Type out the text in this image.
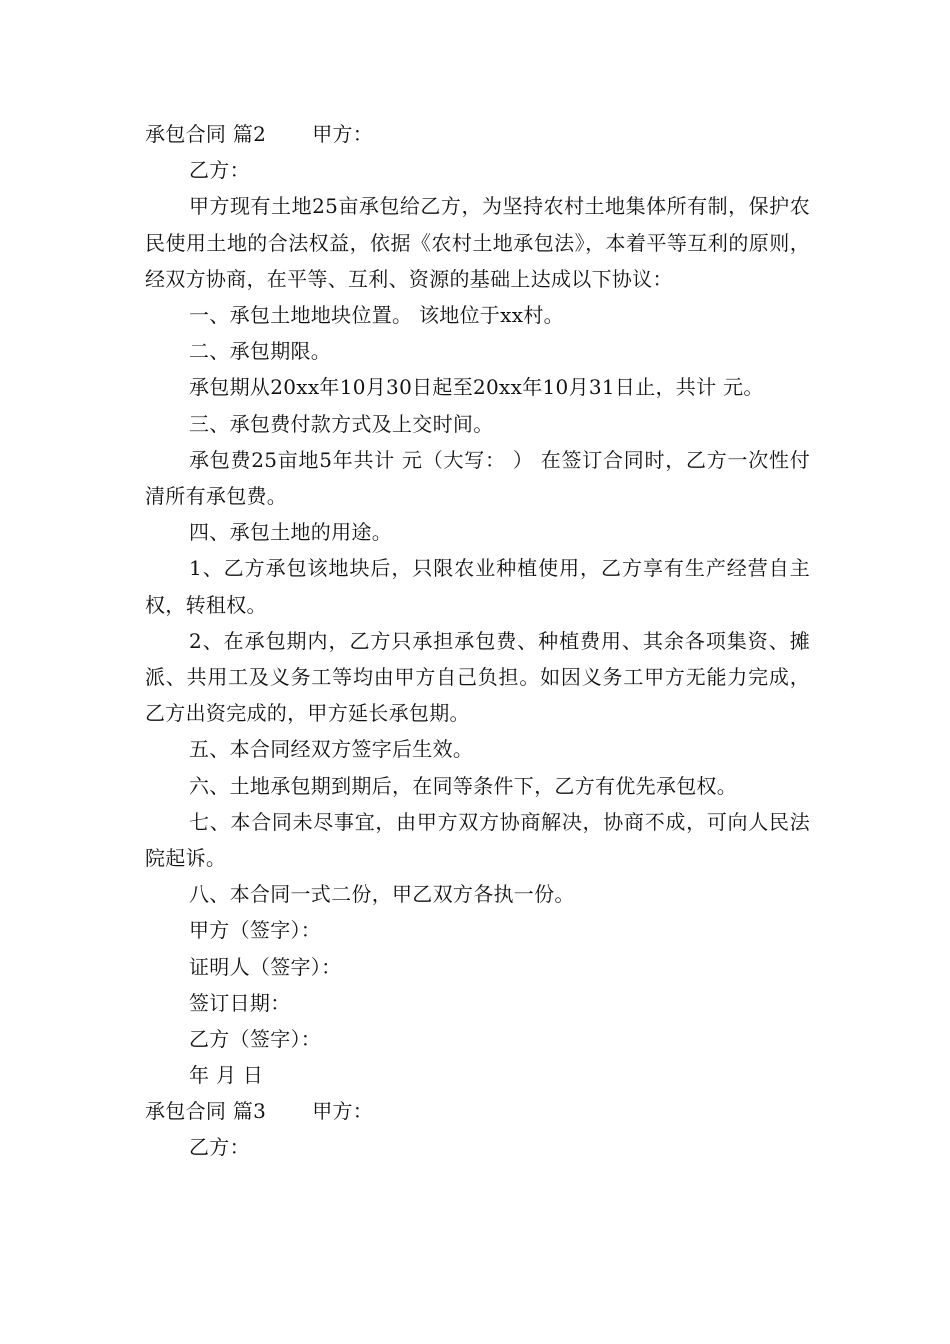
承包合同 篇2 甲方：
乙方：
甲方现有土地25亩承包给乙方，为坚持农村土地集体所有制，保护农民使用土地的合法权益，依据《农村土地承包法》，本着平等互利的原则，经双方协商，在平等、互利、资源的基础上达成以下协议：
一、承包土地地块位置。 该地位于xx村。
二、承包期限。
承包期从20xx年10月30日起至20xx年10月31日止，共计 元。
三、承包费付款方式及上交时间。
承包费25亩地5年共计 元（大写： ） 在签订合同时，乙方一次性付清所有承包费。
四、承包土地的用途。
1、乙方承包该地块后，只限农业种植使用，乙方享有生产经营自主权，转租权。
2、在承包期内，乙方只承担承包费、种植费用、其余各项集资、摊派、共用工及义务工等均由甲方自己负担。如因义务工甲方无能力完成，乙方出资完成的，甲方延长承包期。
五、本合同经双方签字后生效。
六、土地承包期到期后，在同等条件下，乙方有优先承包权。
七、本合同未尽事宜，由甲方双方协商解决，协商不成，可向人民法院起诉。
八、本合同一式二份，甲乙双方各执一份。
甲方（签字）：
证明人（签字）：
签订日期：
乙方（签字）：
年 月 日
承包合同 篇3 甲方：
乙方：
